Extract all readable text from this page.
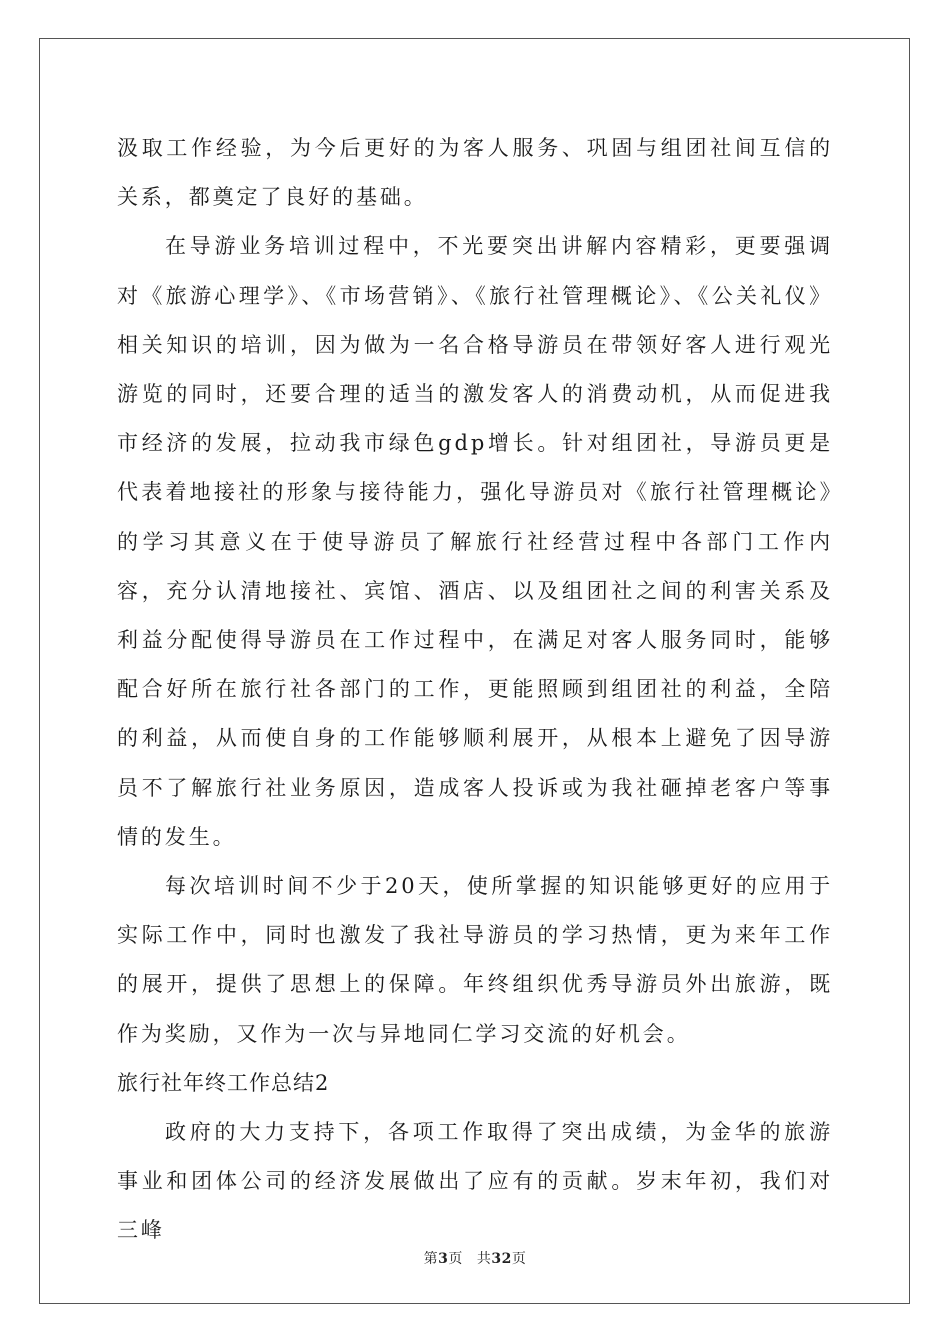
汲取工作经验，为今后更好的为客人服务、巩固与组团社间互信的关系，都奠定了良好的基础。

在导游业务培训过程中，不光要突出讲解内容精彩，更要强调对《旅游心理学》、《市场营销》、《旅行社管理概论》、《公关礼仪》相关知识的培训，因为做为一名合格导游员在带领好客人进行观光游览的同时，还要合理的适当的激发客人的消费动机，从而促进我市经济的发展，拉动我市绿色gdp增长。针对组团社，导游员更是代表着地接社的形象与接待能力，强化导游员对《旅行社管理概论》的学习其意义在于使导游员了解旅行社经营过程中各部门工作内容，充分认清地接社、宾馆、酒店、以及组团社之间的利害关系及利益分配使得导游员在工作过程中，在满足对客人服务同时，能够配合好所在旅行社各部门的工作，更能照顾到组团社的利益，全陪的利益，从而使自身的工作能够顺利展开，从根本上避免了因导游员不了解旅行社业务原因，造成客人投诉或为我社砸掉老客户等事情的发生。

每次培训时间不少于20天，使所掌握的知识能够更好的应用于实际工作中，同时也激发了我社导游员的学习热情，更为来年工作的展开，提供了思想上的保障。年终组织优秀导游员外出旅游，既作为奖励，又作为一次与异地同仁学习交流的好机会。

旅行社年终工作总结2

政府的大力支持下，各项工作取得了突出成绩，为金华的旅游事业和团体公司的经济发展做出了应有的贡献。岁末年初，我们对三峰

第3页 共32页
